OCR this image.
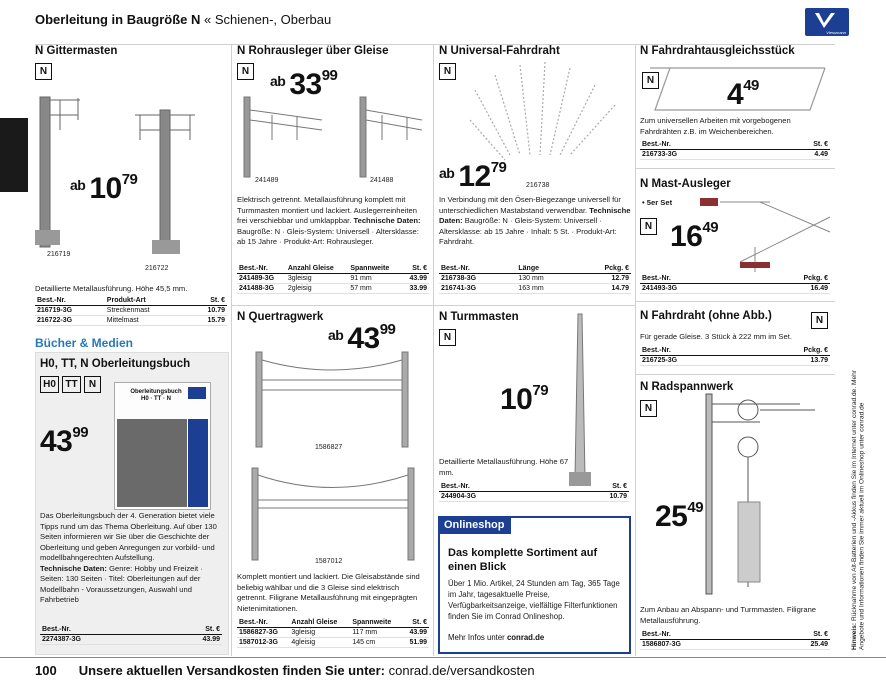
Oberleitung in Baugröße N « Schienen-, Oberbau
Viessmann
N Gittermasten
N
$^{ab}$ $10^{79}$
216719
216722
Detaillierte Metallausführung. Höhe 45,5 mm.
Best.-Nr.	Produkt-Art	St. €
216719-3G	Streckenmast	10.79
216722-3G	Mittelmast	15.79
Bücher & Medien
H0, TT, N Oberleitungsbuch
H0 TT	N
$43^{99}$
Oberleitungsbuch
H0 · TT · N
Das Oberleitungsbuch der 4. Generation bietet viele Tipps rund um das Thema Oberleitung. Auf über 130 Seiten informieren wir Sie über die Geschichte der Oberleitung und geben Anregungen zur vorbild- und modellbahngerechten Aufstellung.
Technische Daten: Genre: Hobby und Freizeit · Seiten: 130 Seiten · Titel: Oberleitungen auf der Modellbahn - Voraussetzungen, Auswahl und Fahrbetrieb
Best.-Nr.	St. €
2274387-3G	43.99
N Rohrausleger über Gleise
N
$^{ab}$ $33^{99}$
241489	241488
Elektrisch getrennt. Metallausführung komplett mit Turmmasten montiert und lackiert. Auslegerreinheiten frei verschiebbar und umklappbar. Technische Daten: Baugröße: N · Gleis-System: Universell · Altersklasse: ab 15 Jahre · Produkt-Art: Rohrausleger.
Best.-Nr.	Anzahl Gleise	Spannweite	St. €
241489-3G	3gleisig	91 mm	43.99
241488-3G	2gleisig	57 mm	33.99
N Quertragwerk
$^{ab}$ $43^{99}$
1586827
1587012
Komplett montiert und lackiert. Die Gleisabstände sind beliebig wählbar und die 3 Gleise sind elektrisch getrennt. Filigrane Metallausführung mit eingeprägten Nietenimitationen.
Best.-Nr.	Anzahl Gleise	Spannweite	St. €
1586827-3G	3gleisig	117 mm	43.99
1587012-3G	4gleisig	145 cm	51.99
N Universal-Fahrdraht
N
$^{ab}$ $12^{79}$
216738
In Verbindung mit den Ösen-Biegezange universell für unterschiedlichen Mastabstand verwendbar. Technische Daten: Baugröße: N · Gleis-System: Universell · Altersklasse: ab 15 Jahre · Inhalt: 5 St. · Produkt-Art: Fahrdraht.
Best.-Nr.	Länge	Pckg. €
216738-3G	130 mm	12.79
216741-3G	163 mm	14.79
N Turmmasten
N
$10^{79}$
Detaillierte Metallausführung. Höhe 67 mm.
Best.-Nr.	St. €
244904-3G	10.79
Onlineshop
Das komplette Sortiment auf einen Blick
Über 1 Mio. Artikel, 24 Stunden am Tag, 365 Tage im Jahr, tagesaktuelle Preise, Verfügbarkeitsanzeige, vielfältige Filterfunktionen finden Sie im Conrad Onlineshop.
Mehr Infos unter conrad.de
N Fahrdrahtausgleichsstück
N $4^{49}$
Zum universellen Arbeiten mit vorgebogenen Fahrdrähten z.B. im Weichenbereichen.
Best.-Nr.	St. €
216733-3G	4.49
N Mast-Ausleger
• 5er Set
N $16^{49}$
Best.-Nr.	Pckg. €
241493-3G	16.49
N Fahrdraht (ohne Abb.)	N
Für gerade Gleise. 3 Stück à 222 mm im Set.
Best.-Nr.	Pckg. €
216725-3G	13.79
N Radspannwerk
N
$25^{49}$
Zum Anbau an Abspann- und Turmmasten. Filigrane Metallausführung.
Best.-Nr.	St. €
1586807-3G	25.49	Hinweis: Rücknahme von Alt-Batterien und -Akkus finden Sie im Internet unter conrad.de. Mehr Angebote und Informationen finden Sie immer aktuell im Onlineshop unter conrad.de
100 Unsere aktuellen Versandkosten finden Sie unter: conrad.de/versandkosten
